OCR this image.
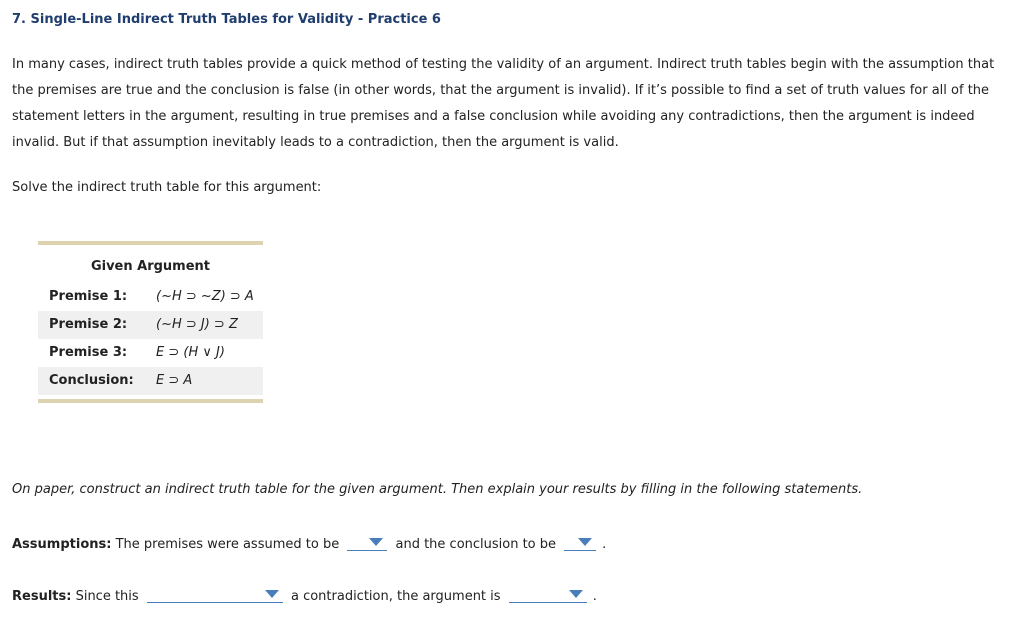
7. Single-Line Indirect Truth Tables for Validity - Practice 6
In many cases, indirect truth tables provide a quick method of testing the validity of an argument. Indirect truth tables begin with the assumption that
the premises are true and the conclusion is false (in other words, that the argument is invalid). If it’s possible to find a set of truth values for all of the
statement letters in the argument, resulting in true premises and a false conclusion while avoiding any contradictions, then the argument is indeed
invalid. But if that assumption inevitably leads to a contradiction, then the argument is valid.
Solve the indirect truth table for this argument:
Given Argument
Premise 1: (~H ⊃ ~Z) ⊃ A
Premise 2: (~H ⊃ J) ⊃ Z
Premise 3: E ⊃ (H ∨ J)
Conclusion: E ⊃ A
On paper, construct an indirect truth table for the given argument. Then explain your results by filling in the following statements.
Assumptions: The premises were assumed to be	and the conclusion to be	.
Results: Since this	a contradiction, the argument is	.
